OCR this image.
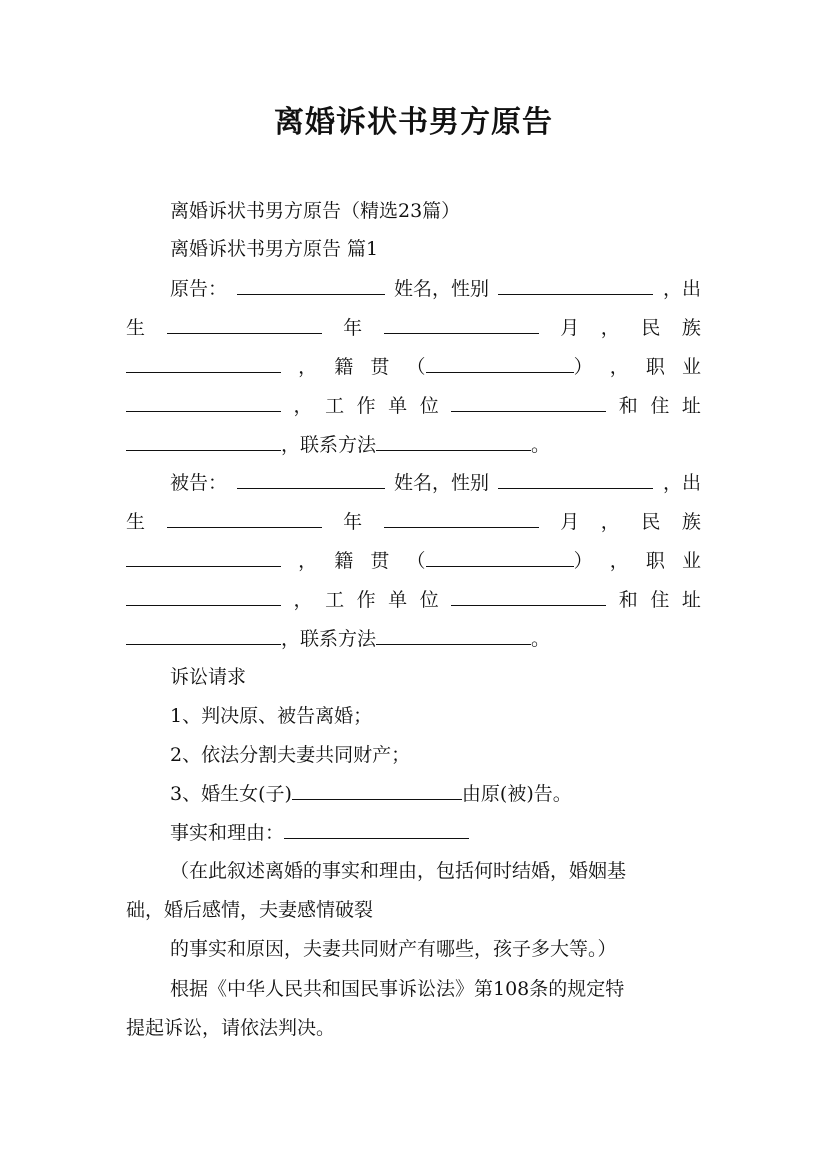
离婚诉状书男方原告
离婚诉状书男方原告（精选23篇）
离婚诉状书男方原告 篇1
原告：	姓名，性别	，出
生	年	月 ， 民 族
， 籍 贯 （	） ， 职 业
， 工 作 单 位	和 住 址
，联系方法	。
被告：	姓名，性别	，出
生	年	月 ， 民 族
， 籍 贯 （	） ， 职 业
， 工 作 单 位	和 住 址
，联系方法	。
诉讼请求
1、判决原、被告离婚；
2、依法分割夫妻共同财产；
3、婚生女(子)	由原(被)告。
事实和理由：
（在此叙述离婚的事实和理由，包括何时结婚，婚姻基
础，婚后感情，夫妻感情破裂
的事实和原因，夫妻共同财产有哪些，孩子多大等。）
根据《中华人民共和国民事诉讼法》第108条的规定特
提起诉讼，请依法判决。
